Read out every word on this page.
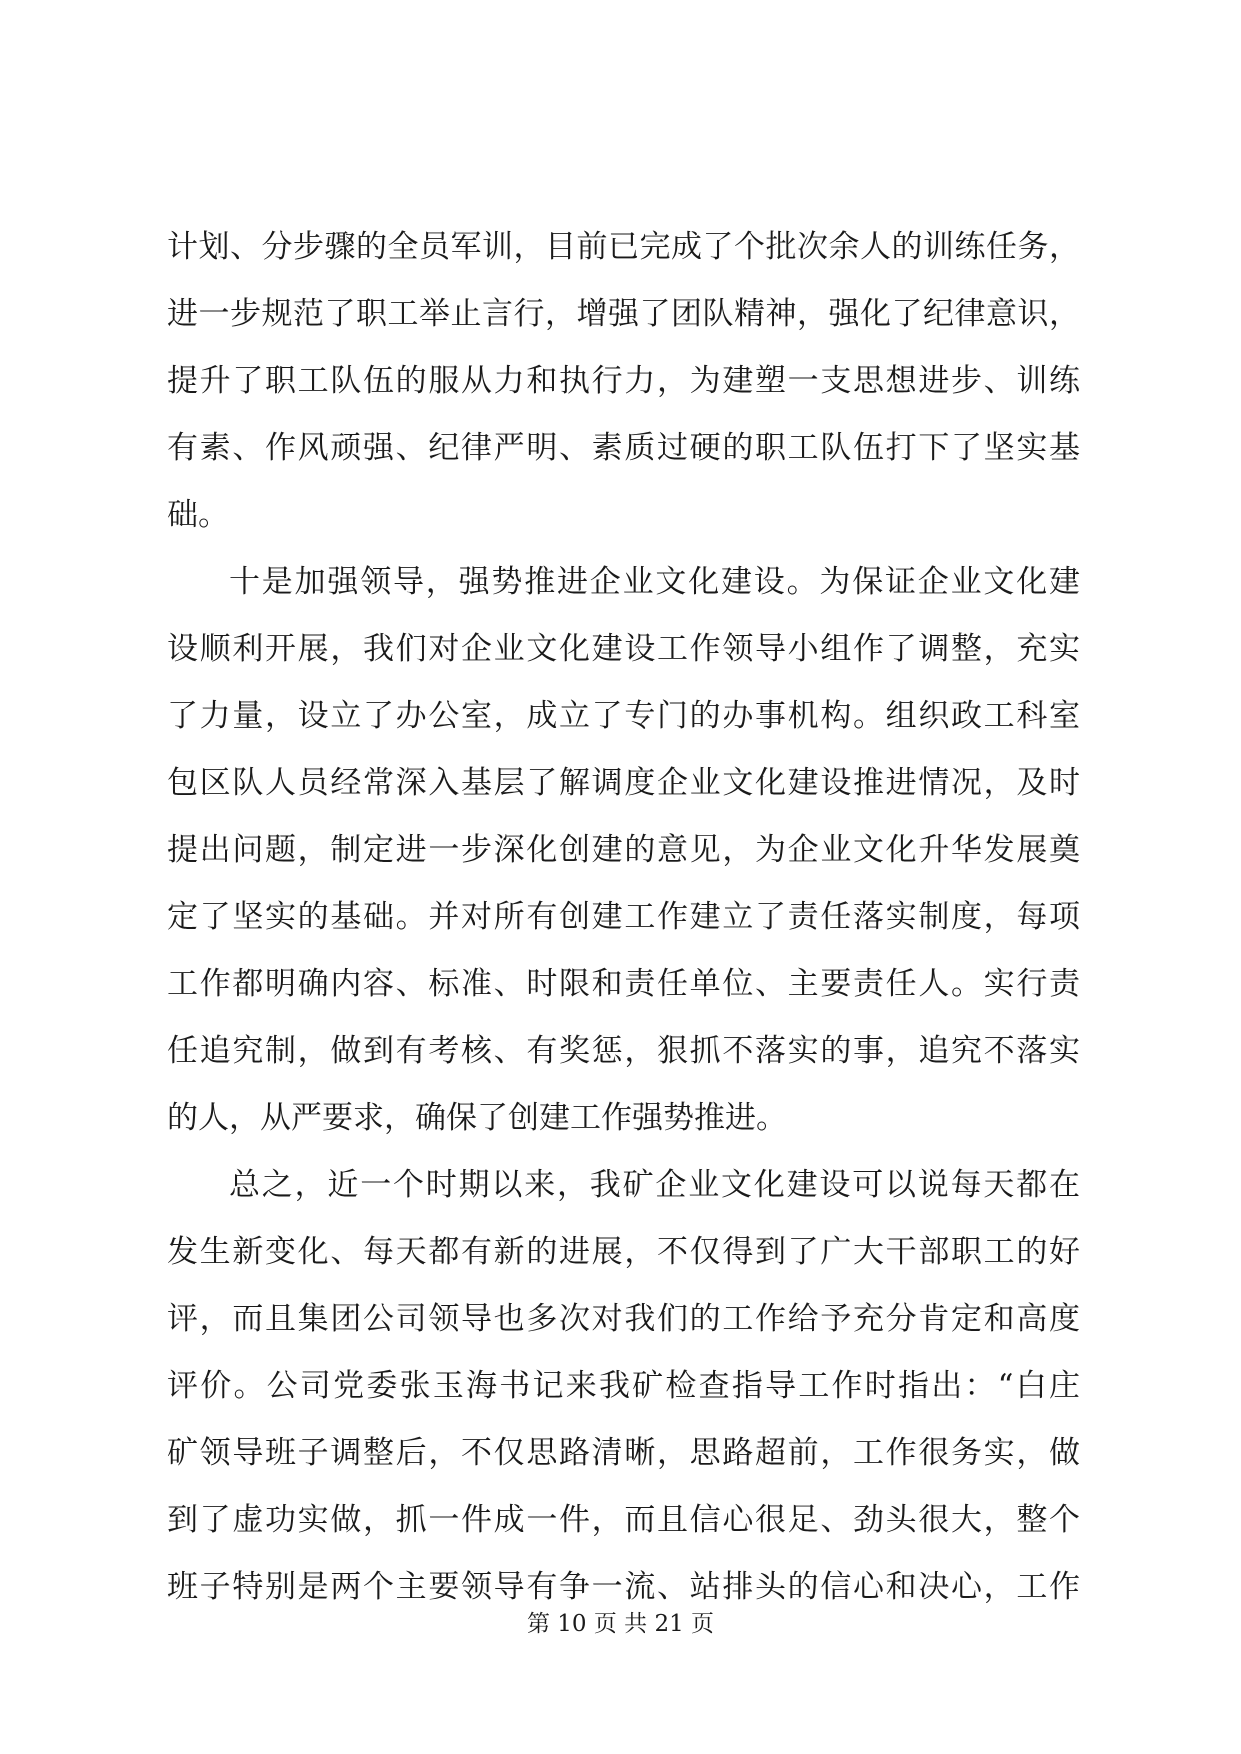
计划、分步骤的全员军训，目前已完成了个批次余人的训练任务，
进一步规范了职工举止言行，增强了团队精神，强化了纪律意识，
提升了职工队伍的服从力和执行力，为建塑一支思想进步、训练
有素、作风顽强、纪律严明、素质过硬的职工队伍打下了坚实基
础。
十是加强领导，强势推进企业文化建设。为保证企业文化建
设顺利开展，我们对企业文化建设工作领导小组作了调整，充实
了力量，设立了办公室，成立了专门的办事机构。组织政工科室
包区队人员经常深入基层了解调度企业文化建设推进情况，及时
提出问题，制定进一步深化创建的意见，为企业文化升华发展奠
定了坚实的基础。并对所有创建工作建立了责任落实制度，每项
工作都明确内容、标准、时限和责任单位、主要责任人。实行责
任追究制，做到有考核、有奖惩，狠抓不落实的事，追究不落实
的人，从严要求，确保了创建工作强势推进。
总之，近一个时期以来，我矿企业文化建设可以说每天都在
发生新变化、每天都有新的进展，不仅得到了广大干部职工的好
评，而且集团公司领导也多次对我们的工作给予充分肯定和高度
评价。公司党委张玉海书记来我矿检查指导工作时指出：“白庄
矿领导班子调整后，不仅思路清晰，思路超前，工作很务实，做
到了虚功实做，抓一件成一件，而且信心很足、劲头很大，整个
班子特别是两个主要领导有争一流、站排头的信心和决心，工作
第 10 页 共 21 页
